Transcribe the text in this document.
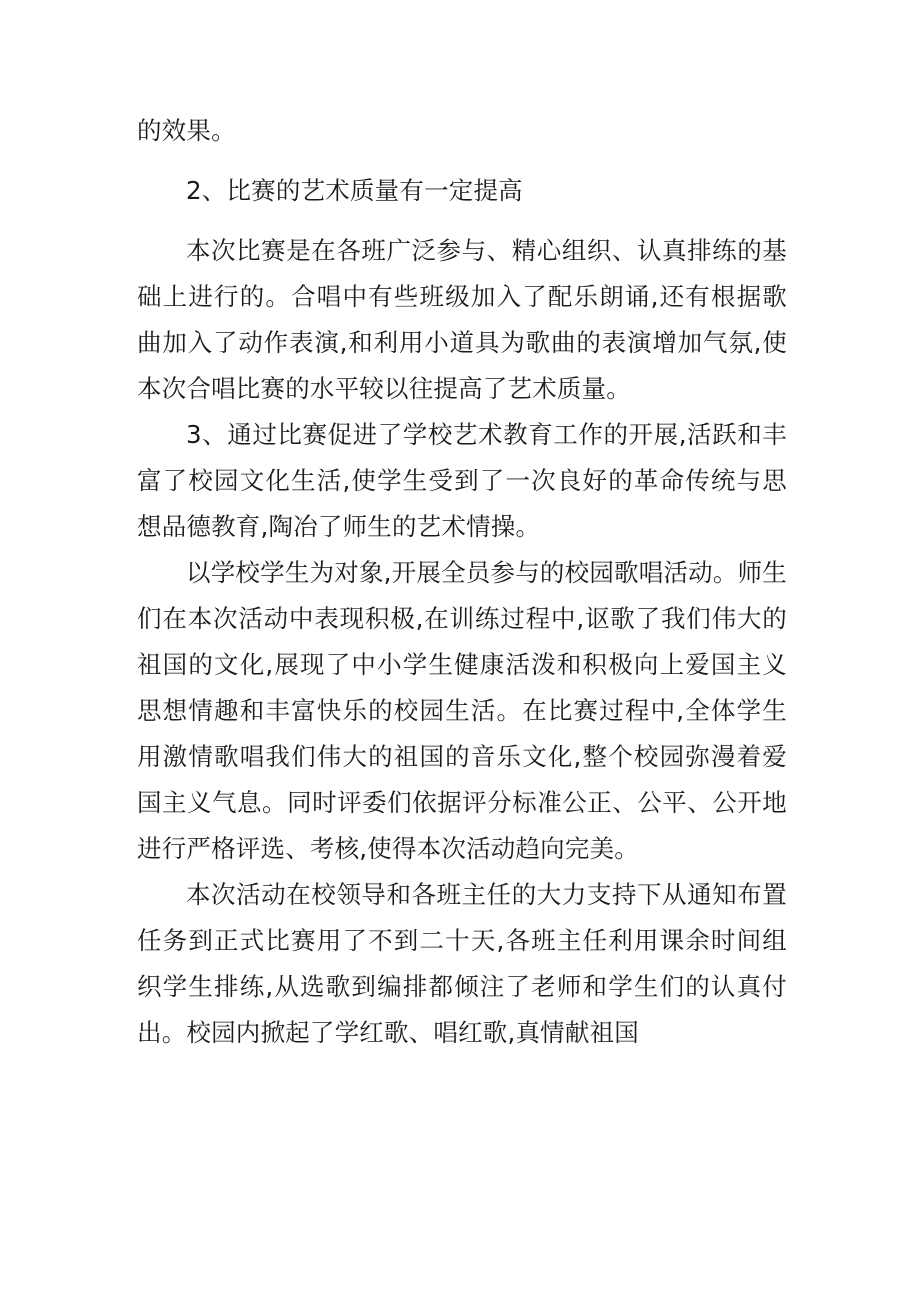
的效果。

2、比赛的艺术质量有一定提高

本次比赛是在各班广泛参与、精心组织、认真排练的基础上进行的。合唱中有些班级加入了配乐朗诵,还有根据歌曲加入了动作表演,和利用小道具为歌曲的表演增加气氛,使本次合唱比赛的水平较以往提高了艺术质量。

3、通过比赛促进了学校艺术教育工作的开展,活跃和丰富了校园文化生活,使学生受到了一次良好的革命传统与思想品德教育,陶冶了师生的艺术情操。

以学校学生为对象,开展全员参与的校园歌唱活动。师生们在本次活动中表现积极,在训练过程中,讴歌了我们伟大的祖国的文化,展现了中小学生健康活泼和积极向上爱国主义思想情趣和丰富快乐的校园生活。在比赛过程中,全体学生用激情歌唱我们伟大的祖国的音乐文化,整个校园弥漫着爱国主义气息。同时评委们依据评分标准公正、公平、公开地进行严格评选、考核,使得本次活动趋向完美。

本次活动在校领导和各班主任的大力支持下从通知布置任务到正式比赛用了不到二十天,各班主任利用课余时间组织学生排练,从选歌到编排都倾注了老师和学生们的认真付出。校园内掀起了学红歌、唱红歌,真情献祖国
